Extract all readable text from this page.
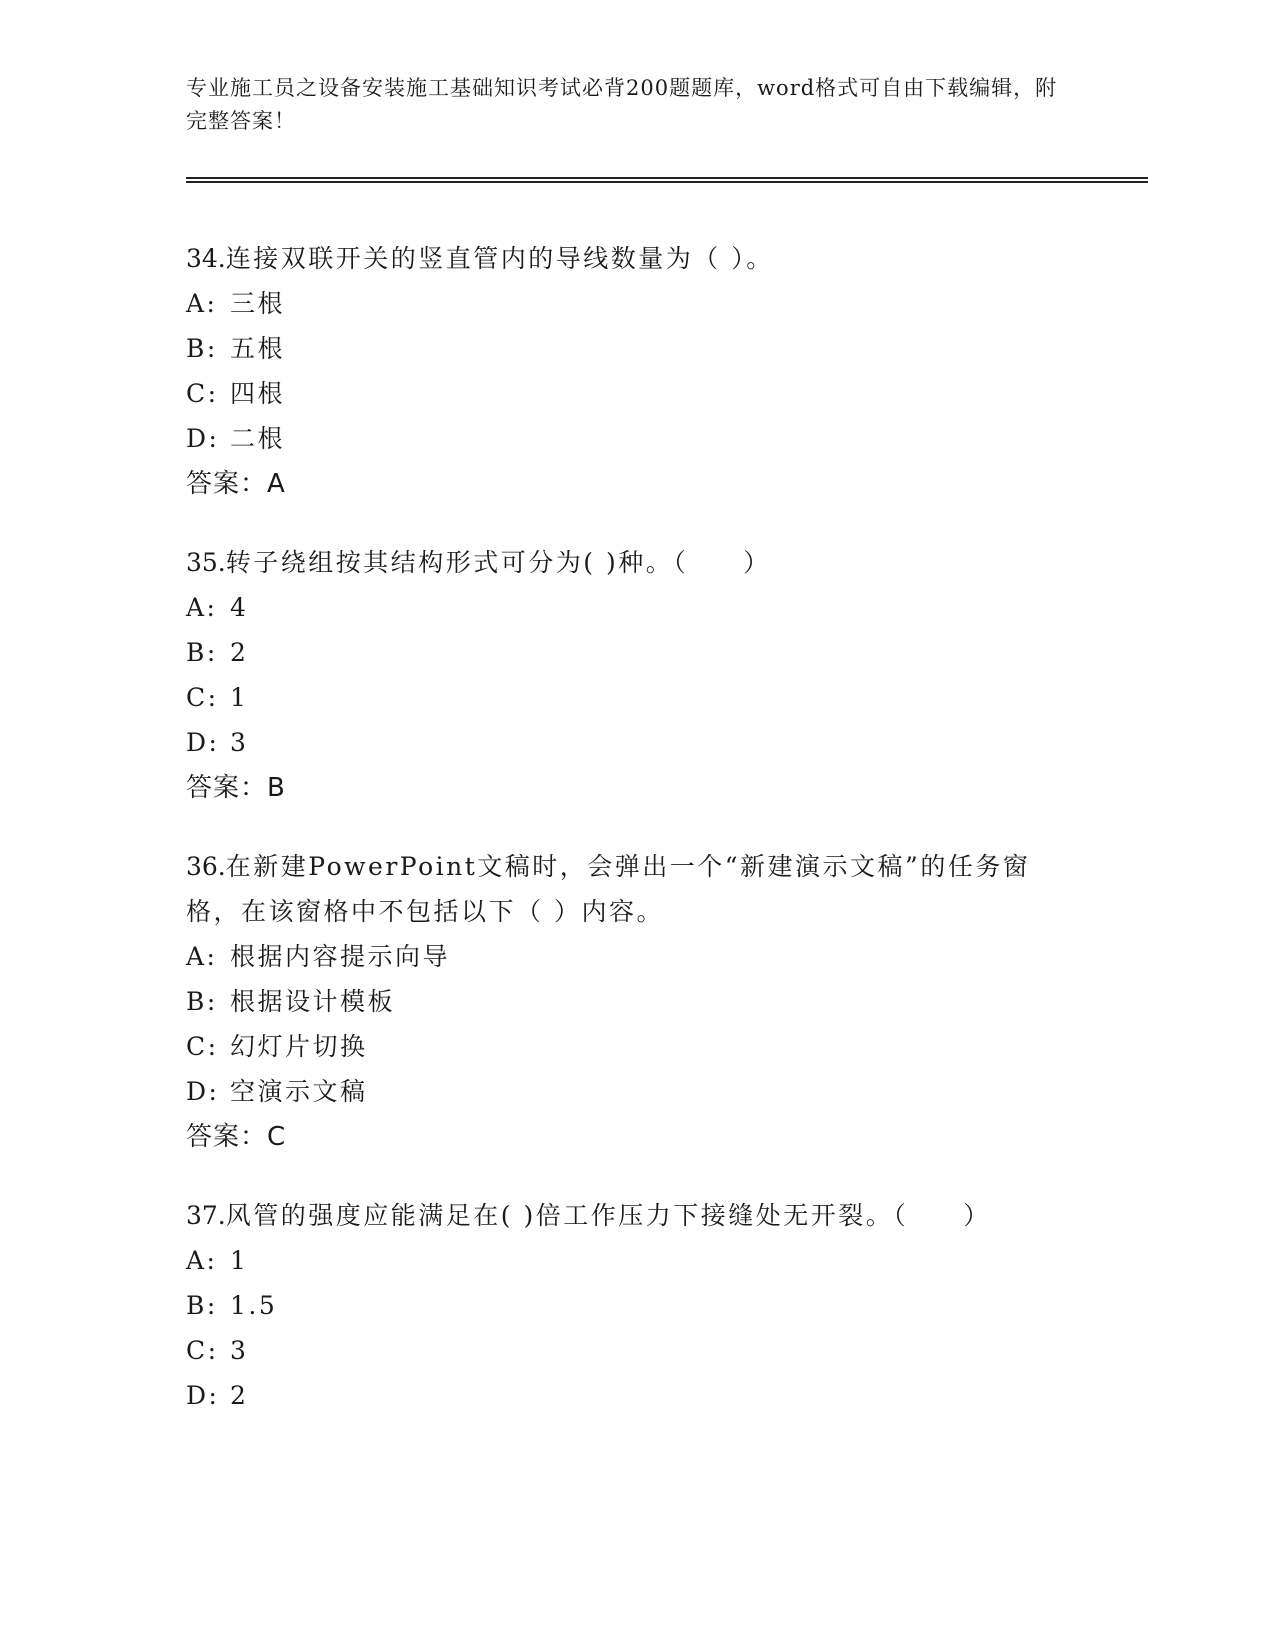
专业施工员之设备安装施工基础知识考试必背200题题库，word格式可自由下载编辑，附完整答案！
34.连接双联开关的竖直管内的导线数量为（ ）。
A: 三根
B: 五根
C: 四根
D: 二根
答案：A
35.转子绕组按其结构形式可分为( )种。（　　）
A: 4
B: 2
C: 1
D: 3
答案：B
36.在新建PowerPoint文稿时，会弹出一个“新建演示文稿”的任务窗格，在该窗格中不包括以下（ ）内容。
A: 根据内容提示向导
B: 根据设计模板
C: 幻灯片切换
D: 空演示文稿
答案：C
37.风管的强度应能满足在( )倍工作压力下接缝处无开裂。（　　）
A: 1
B: 1.5
C: 3
D: 2
